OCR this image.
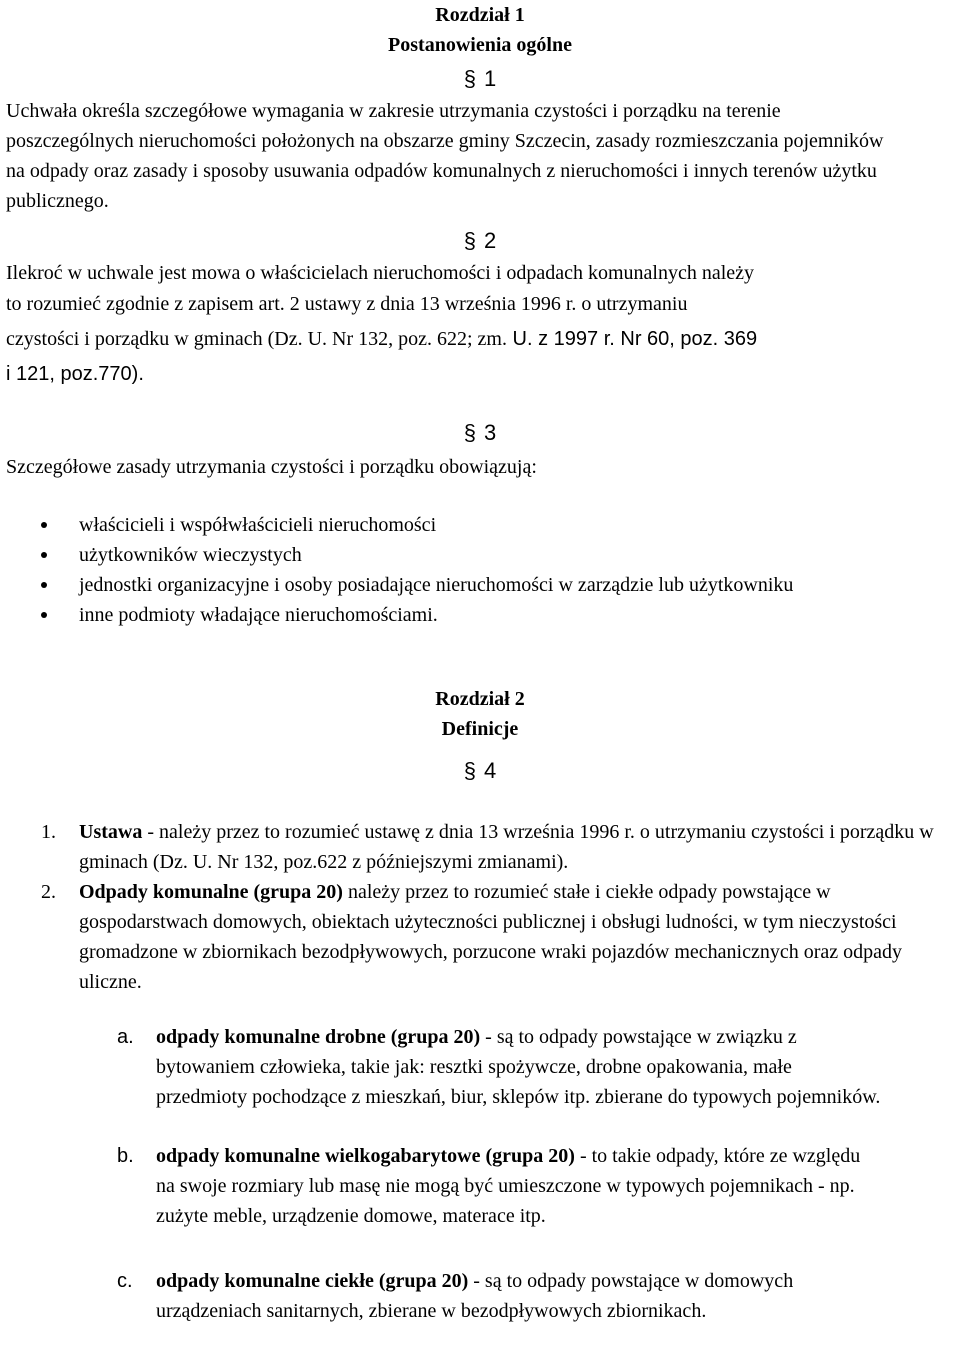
Rozdział 1
Postanowienia ogólne
§ 1
Uchwała określa szczegółowe wymagania w zakresie utrzymania czystości i porządku na terenie poszczególnych nieruchomości położonych na obszarze gminy Szczecin, zasady rozmieszczania pojemników na odpady oraz zasady i sposoby usuwania odpadów komunalnych z nieruchomości i innych terenów użytku publicznego.
§ 2
Ilekroć w uchwale jest mowa o właścicielach nieruchomości i odpadach komunalnych należy
to rozumieć zgodnie z zapisem art. 2 ustawy z dnia 13 września 1996 r. o utrzymaniu
czystości i porządku w gminach (Dz. U. Nr 132, poz. 622; zm. U. z 1997 r. Nr 60, poz. 369
i 121, poz.770).
§ 3
Szczegółowe zasady utrzymania czystości i porządku obowiązują:
właścicieli i współwłaścicieli nieruchomości
użytkowników wieczystych
jednostki organizacyjne i osoby posiadające nieruchomości w zarządzie lub użytkowniku
inne podmioty władające nieruchomościami.
Rozdział 2
Definicje
§ 4
1. Ustawa - należy przez to rozumieć ustawę z dnia 13 września 1996 r. o utrzymaniu czystości i porządku w gminach (Dz. U. Nr 132, poz.622 z późniejszymi zmianami).
2. Odpady komunalne (grupa 20) należy przez to rozumieć stałe i ciekłe odpady powstające w gospodarstwach domowych, obiektach użyteczności publicznej i obsługi ludności, w tym nieczystości gromadzone w zbiornikach bezodpływowych, porzucone wraki pojazdów mechanicznych oraz odpady uliczne.
a. odpady komunalne drobne (grupa 20) - są to odpady powstające w związku z bytowaniem człowieka, takie jak: resztki spożywcze, drobne opakowania, małe przedmioty pochodzące z mieszkań, biur, sklepów itp. zbierane do typowych pojemników.
b. odpady komunalne wielkogabarytowe (grupa 20) - to takie odpady, które ze względu na swoje rozmiary lub masę nie mogą być umieszczone w typowych pojemnikach - np. zużyte meble, urządzenie domowe, materace itp.
c. odpady komunalne ciekłe (grupa 20) - są to odpady powstające w domowych urządzeniach sanitarnych, zbierane w bezodpływowych zbiornikach.
